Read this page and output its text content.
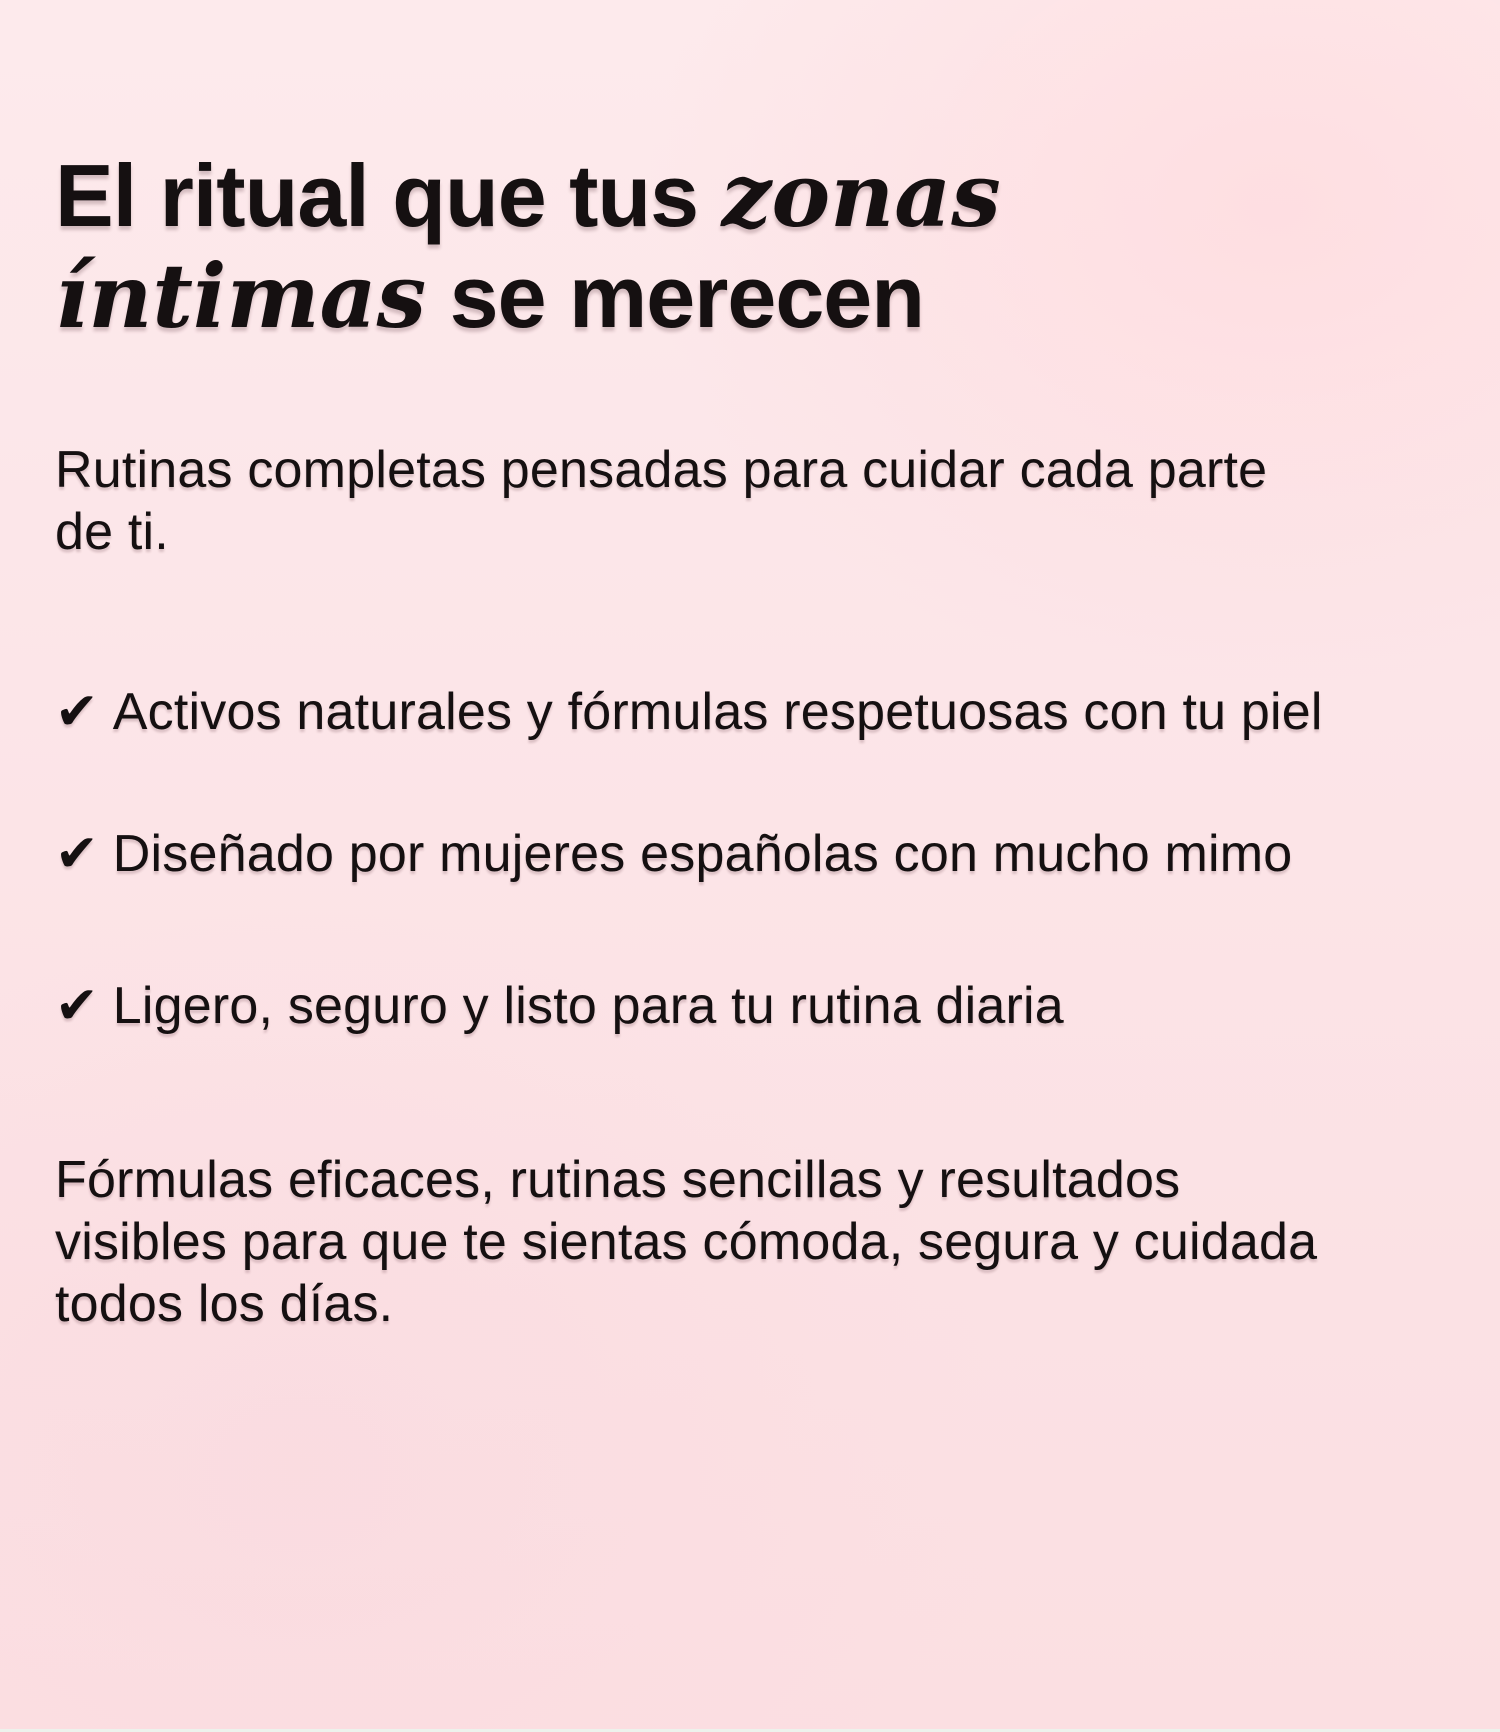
El ritual que tus zonas íntimas se merecen

Rutinas completas pensadas para cuidar cada parte de ti.

✔ Activos naturales y fórmulas respetuosas con tu piel

✔ Diseñado por mujeres españolas con mucho mimo

✔ Ligero, seguro y listo para tu rutina diaria

Fórmulas eficaces, rutinas sencillas y resultados visibles para que te sientas cómoda, segura y cuidada todos los días.
